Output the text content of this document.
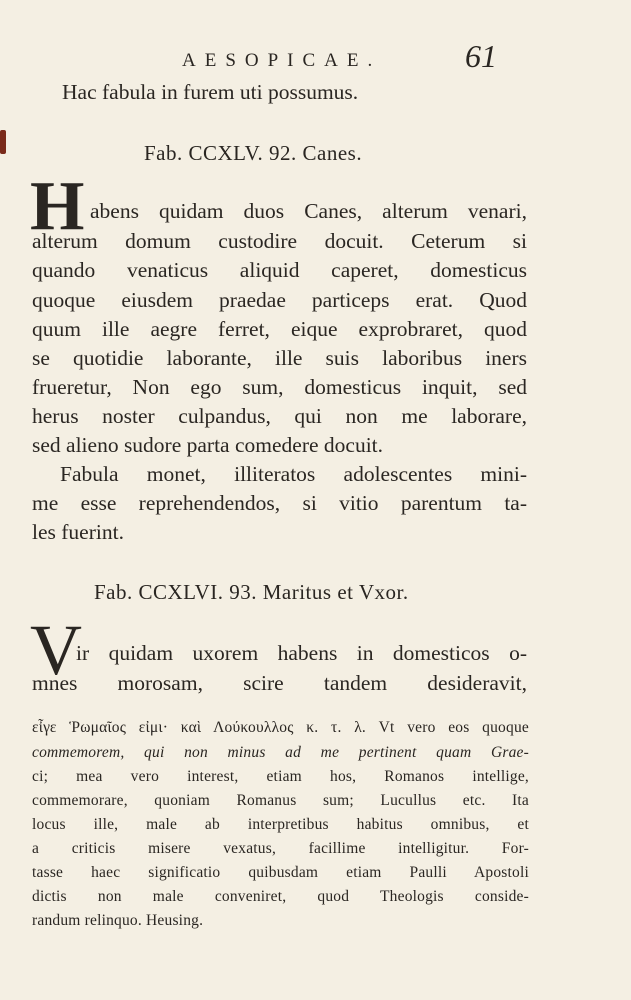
AESOPICAE.	61
Hac fabula in furem uti possumus.
Fab. CCXLV. 92. Canes.
H abens quidam duos Canes, alterum venari,
alterum domum custodire docuit. Ceterum si
quando venaticus aliquid caperet, domesticus
quoque eiusdem praedae particeps erat. Quod
quum ille aegre ferret, eique exprobraret, quod
se quotidie laborante, ille suis laboribus iners
frueretur, Non ego sum, domesticus inquit, sed
herus noster culpandus, qui non me laborare,
sed alieno sudore parta comedere docuit.
Fabula monet, illiteratos adolescentes mini-
me esse reprehendendos, si vitio parentum ta-
les fuerint.
Fab. CCXLVI. 93. Maritus et Vxor.
V
ir quidam uxorem habens in domesticos o-
mnes morosam, scire tandem desideravit,
εἶγε Ῥωμαῖος εἰμι· καὶ Λούκουλλος κ. τ. λ. Vt vero eos quoque
commemorem, qui non minus ad me pertinent quam Grae-
ci; mea vero interest, etiam hos, Romanos intellige,
commemorare, quoniam Romanus sum; Lucullus etc. Ita
locus ille, male ab interpretibus habitus omnibus, et
a criticis misere vexatus, facillime intelligitur. For-
tasse haec significatio quibusdam etiam Paulli Apostoli
dictis non male conveniret, quod Theologis conside-
randum relinquo. Heusing.
